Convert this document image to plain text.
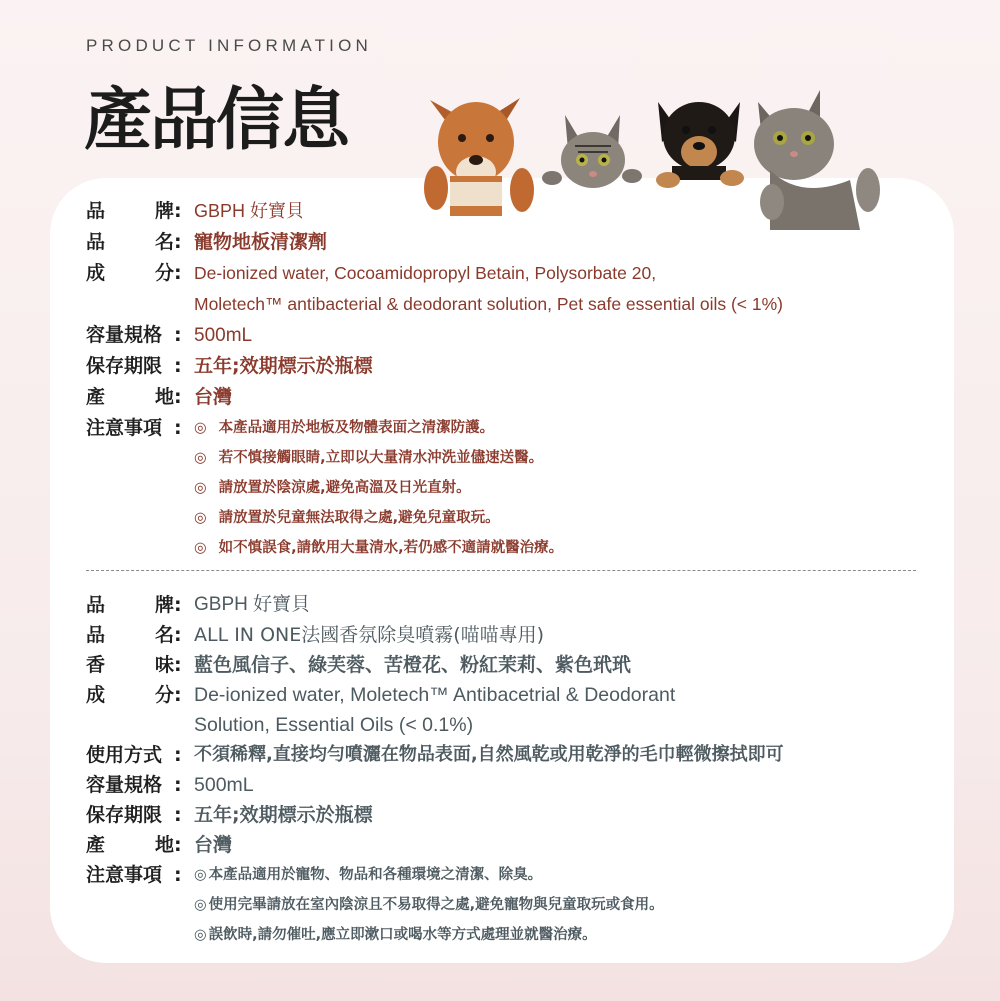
PRODUCT INFORMATION
產品信息
品	牌 : GBPH 好寶貝
品	名 : 寵物地板清潔劑
成	分 : De-ionized water, Cocoamidopropyl Betain, Polysorbate 20,
Moletech™ antibacterial & deodorant solution, Pet safe essential oils (< 1%)
容量規格 : 500mL
保存期限 : 五年;效期標示於瓶標
產	地 : 台灣
注意事項 : ◎ 本產品適用於地板及物體表面之清潔防護。
◎ 若不慎接觸眼睛,立即以大量清水沖洗並儘速送醫。
◎ 請放置於陰涼處,避免高溫及日光直射。
◎ 請放置於兒童無法取得之處,避免兒童取玩。
◎ 如不慎誤食,請飲用大量清水,若仍感不適請就醫治療。
品	牌 : GBPH 好寶貝
品	名 : ALL IN ONE法國香氛除臭噴霧(喵喵專用)
香	味 : 藍色風信子、綠芙蓉、苦橙花、粉紅茉莉、紫色玳玳
成	分 : De-ionized water, Moletech™ Antibacetrial & Deodorant
Solution, Essential Oils (< 0.1%)
使用方式 : 不須稀釋,直接均勻噴灑在物品表面,自然風乾或用乾淨的毛巾輕微擦拭即可
容量規格 : 500mL
保存期限 : 五年;效期標示於瓶標
產	地 : 台灣
注意事項 : ◎ 本產品適用於寵物、物品和各種環境之清潔、除臭。
◎ 使用完畢請放在室內陰涼且不易取得之處,避免寵物與兒童取玩或食用。
◎ 誤飲時,請勿催吐,應立即漱口或喝水等方式處理並就醫治療。
